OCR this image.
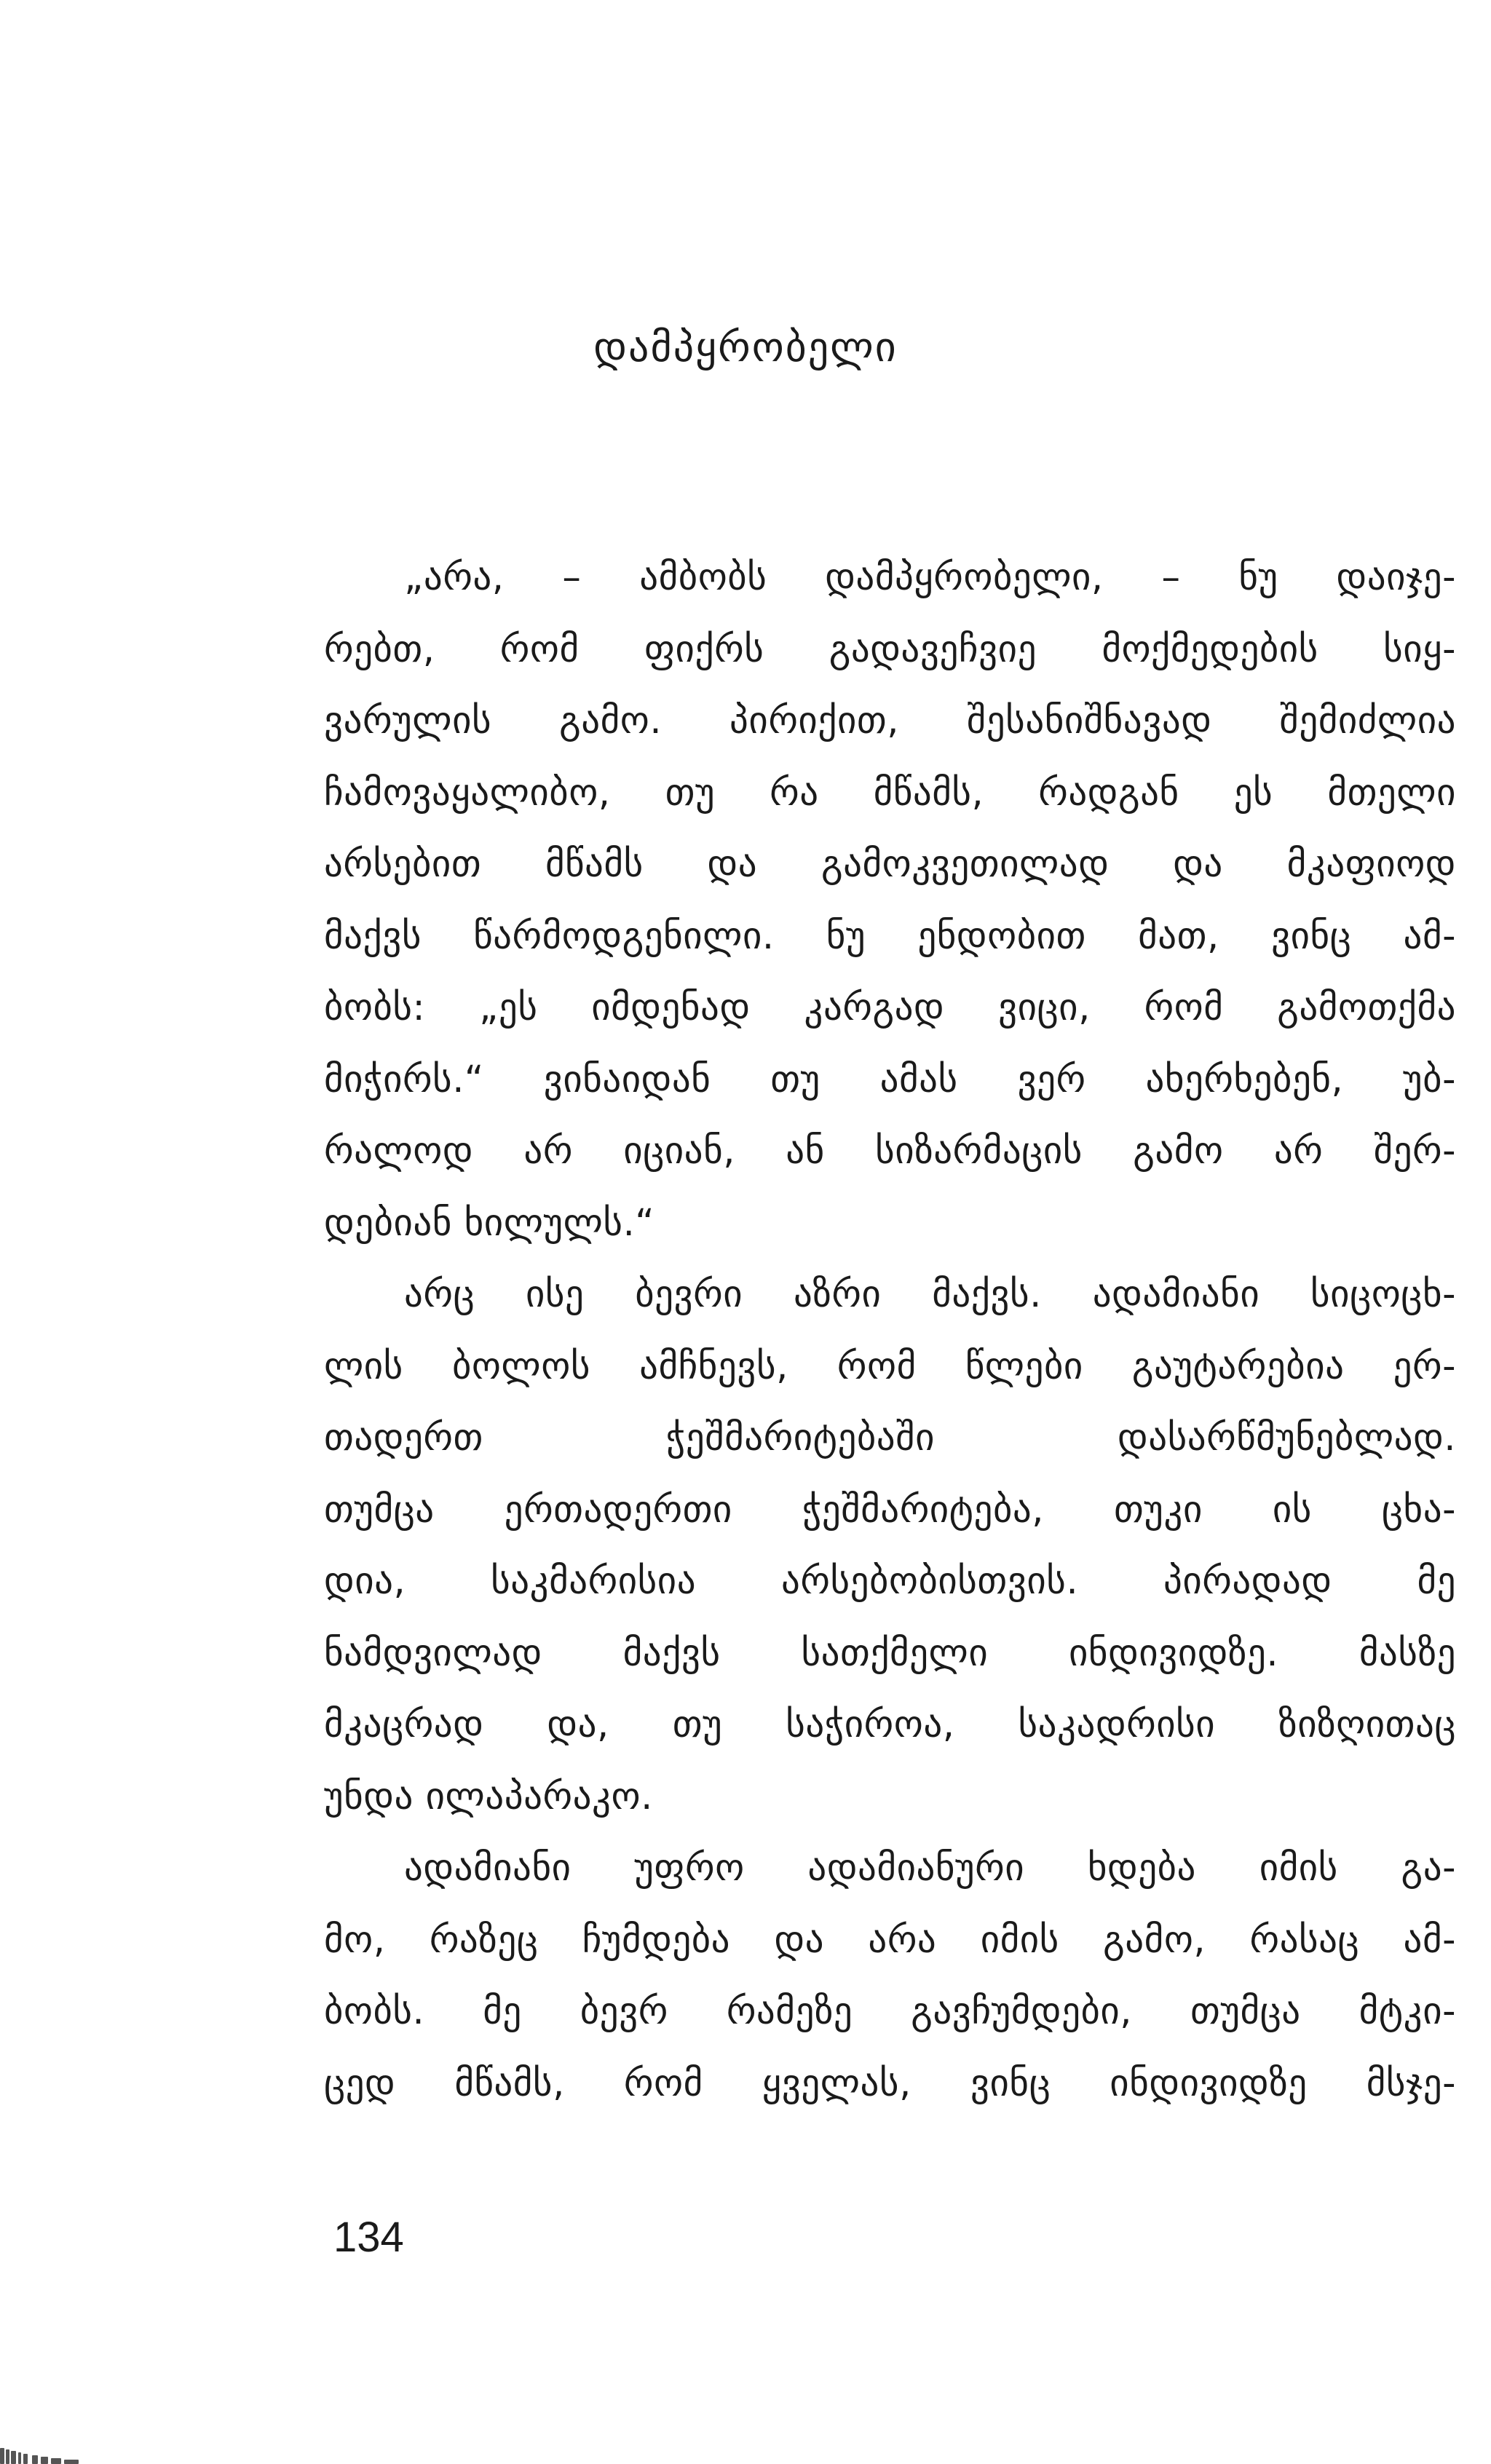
დამპყრობელი
„არა, – ამბობს დამპყრობელი, – ნუ დაიჯე-
რებთ, რომ ფიქრს გადავეჩვიე მოქმედების სიყ-
ვარულის გამო. პირიქით, შესანიშნავად შემიძლია
ჩამოვაყალიბო, თუ რა მწამს, რადგან ეს მთელი
არსებით მწამს და გამოკვეთილად და მკაფიოდ
მაქვს წარმოდგენილი. ნუ ენდობით მათ, ვინც ამ-
ბობს: „ეს იმდენად კარგად ვიცი, რომ გამოთქმა
მიჭირს.“ ვინაიდან თუ ამას ვერ ახერხებენ, უბ-
რალოდ არ იციან, ან სიზარმაცის გამო არ შერ-
დებიან ხილულს.“
არც ისე ბევრი აზრი მაქვს. ადამიანი სიცოცხ-
ლის ბოლოს ამჩნევს, რომ წლები გაუტარებია ერ-
თადერთ ჭეშმარიტებაში დასარწმუნებლად.
თუმცა ერთადერთი ჭეშმარიტება, თუკი ის ცხა-
დია, საკმარისია არსებობისთვის. პირადად მე
ნამდვილად მაქვს სათქმელი ინდივიდზე. მასზე
მკაცრად და, თუ საჭიროა, საკადრისი ზიზღითაც
უნდა ილაპარაკო.
ადამიანი უფრო ადამიანური ხდება იმის გა-
მო, რაზეც ჩუმდება და არა იმის გამო, რასაც ამ-
ბობს. მე ბევრ რამეზე გავჩუმდები, თუმცა მტკი-
ცედ მწამს, რომ ყველას, ვინც ინდივიდზე მსჯე-
134
